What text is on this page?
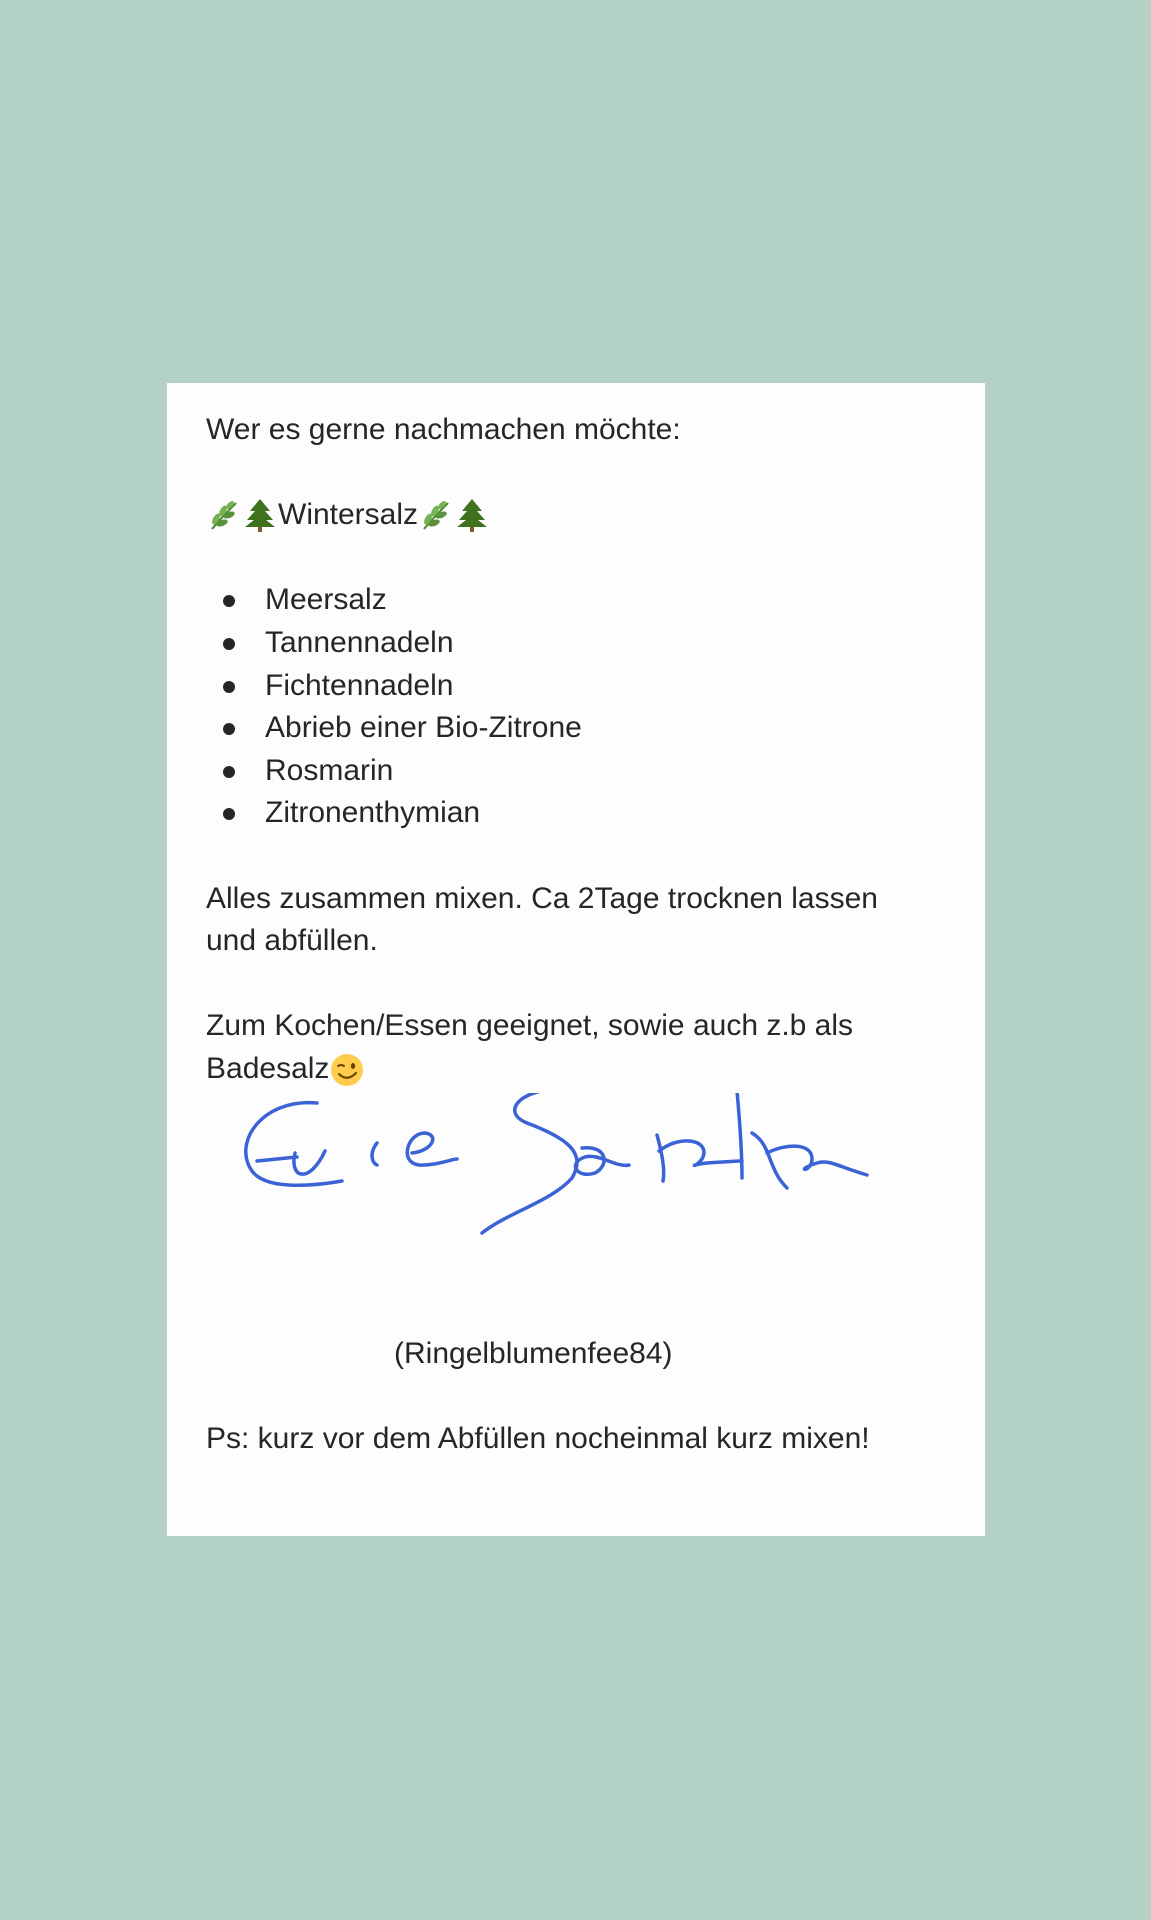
Wer es gerne nachmachen möchte:

Wintersalz

Meersalz
Tannennadeln
Fichtennadeln
Abrieb einer Bio-Zitrone
Rosmarin
Zitronenthymian

Alles zusammen mixen. Ca 2Tage trocknen lassen

und abfüllen.

Zum Kochen/Essen geeignet, sowie auch z.b als

Badesalz

(Ringelblumenfee84)

Ps: kurz vor dem Abfüllen nocheinmal kurz mixen!
